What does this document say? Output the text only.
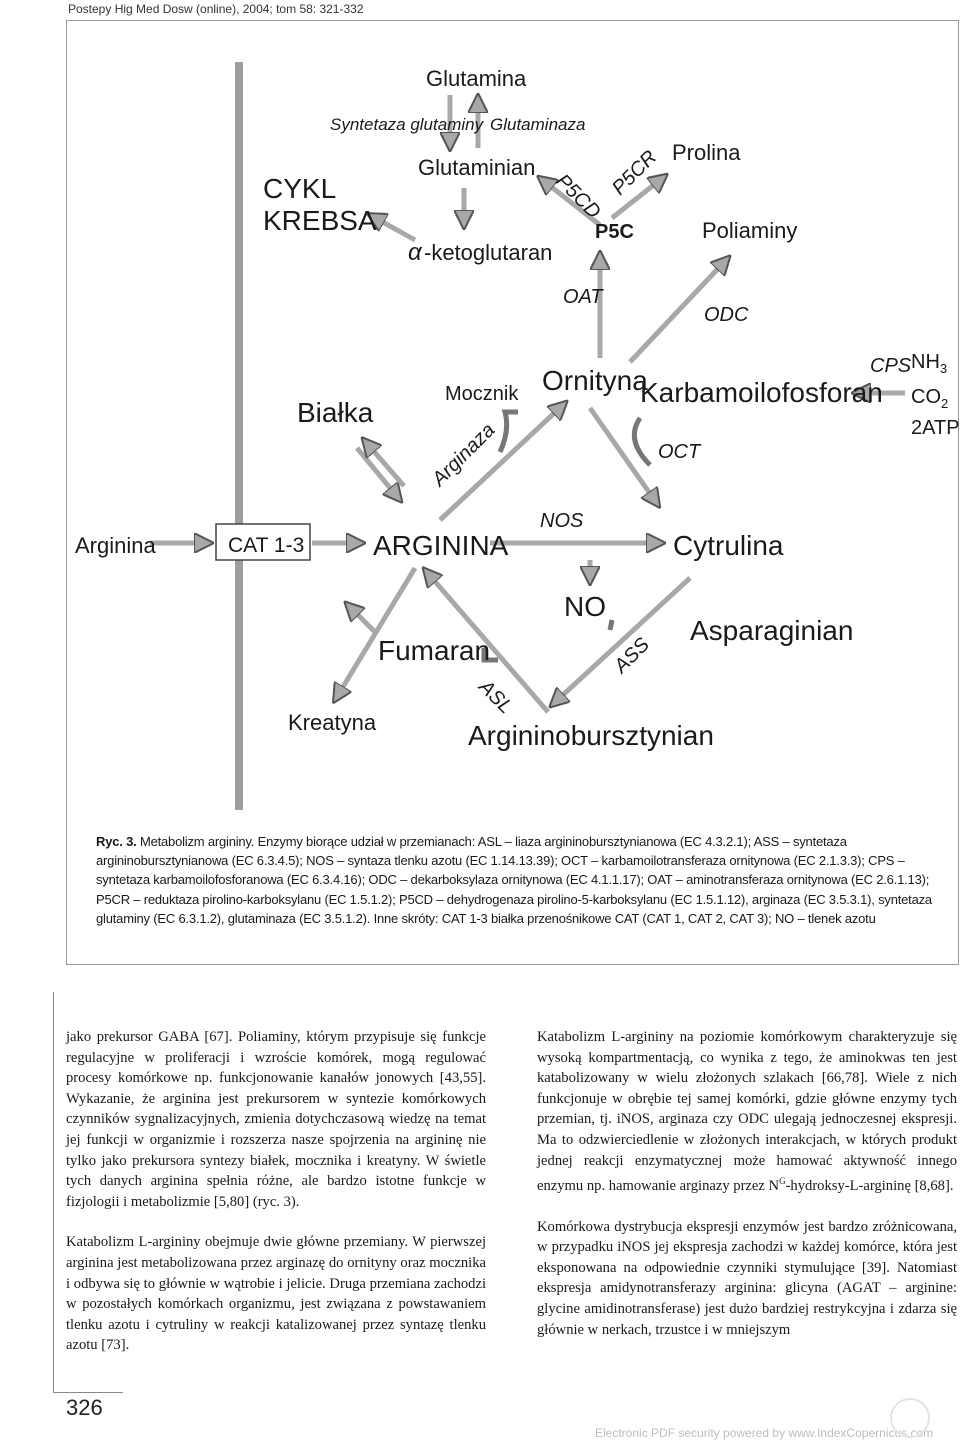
Postepy Hig Med Dosw (online), 2004; tom 58: 321-332
Glutamina
Syntetaza glutaminy Glutaminaza
Glutaminian
α -ketoglutaran
CYKL
KREBSA	P5CD P5CR
P5C
Prolina
Poliaminy
OAT
ODC
Białka
Mocznik
Arginaza
Ornityna
Karbamoilofosforan
CPS $NH_3$
$CO_2$
2ATP
OCT
Arginina	CAT 1-3 ARGININA
NOS
Cytrulina
NO
Fumaran
Asparaginian
ASS
ASL
Kreatyna	Argininobursztynian
Ryc. 3. Metabolizm argininy. Enzymy biorące udział w przemianach: ASL – liaza argininobursztynianowa (EC 4.3.2.1); ASS – syntetaza argininobursztynianowa (EC 6.3.4.5); NOS – syntaza tlenku azotu (EC 1.14.13.39); OCT – karbamoilotransferaza ornitynowa (EC 2.1.3.3); CPS – syntetaza karbamoilofosforanowa (EC 6.3.4.16); ODC – dekarboksylaza ornitynowa (EC 4.1.1.17); OAT – aminotransferaza ornitynowa (EC 2.6.1.13); P5CR – reduktaza pirolino-karboksylanu (EC 1.5.1.2); P5CD – dehydrogenaza pirolino-5-karboksylanu (EC 1.5.1.12), arginaza (EC 3.5.3.1), syntetaza glutaminy (EC 6.3.1.2), glutaminaza (EC 3.5.1.2). Inne skróty: CAT 1-3 białka przenośnikowe CAT (CAT 1, CAT 2, CAT 3); NO – tlenek azotu

jako prekursor GABA [67]. Poliaminy, którym przypisuje się funkcje regulacyjne w proliferacji i wzroście komórek, mogą regulować procesy komórkowe np. funkcjonowanie kanałów jonowych [43,55]. Wykazanie, że arginina jest prekursorem w syntezie komórkowych czynników sygnalizacyjnych, zmienia dotychczasową wiedzę na temat jej funkcji w organizmie i rozszerza nasze spojrzenia na argininę nie tylko jako prekursora syntezy białek, mocznika i kreatyny. W świetle tych danych arginina spełnia różne, ale bardzo istotne funkcje w fizjologii i metabolizmie [5,80] (ryc. 3).

Katabolizm L-argininy obejmuje dwie główne przemiany. W pierwszej arginina jest metabolizowana przez arginazę do ornityny oraz mocznika i odbywa się to głównie w wątrobie i jelicie. Druga przemiana zachodzi w pozostałych komórkach organizmu, jest związana z powstawaniem tlenku azotu i cytruliny w reakcji katalizowanej przez syntazę tlenku azotu [73].

Katabolizm L-argininy na poziomie komórkowym charakteryzuje się wysoką kompartmentacją, co wynika z tego, że aminokwas ten jest katabolizowany w wielu złożonych szlakach [66,78]. Wiele z nich funkcjonuje w obrębie tej samej komórki, gdzie główne enzymy tych przemian, tj. iNOS, arginaza czy ODC ulegają jednoczesnej ekspresji. Ma to odzwierciedlenie w złożonych interakcjach, w których produkt jednej reakcji enzymatycznej może hamować aktywność innego enzymu np. hamowanie arginazy przez $N^G-hydroksy-L$-argininę [8,68].

Komórkowa dystrybucja ekspresji enzymów jest bardzo zróżnicowana, w przypadku iNOS jej ekspresja zachodzi w każdej komórce, która jest eksponowana na odpowiednie czynniki stymulujące [39]. Natomiast ekspresja amidynotransferazy arginina: glicyna (AGAT – arginine: glycine amidinotransferase) jest dużo bardziej restrykcyjna i zdarza się głównie w nerkach, trzustce i w mniejszym

326
Electronic PDF security powered by www.IndexCopernicus.com
